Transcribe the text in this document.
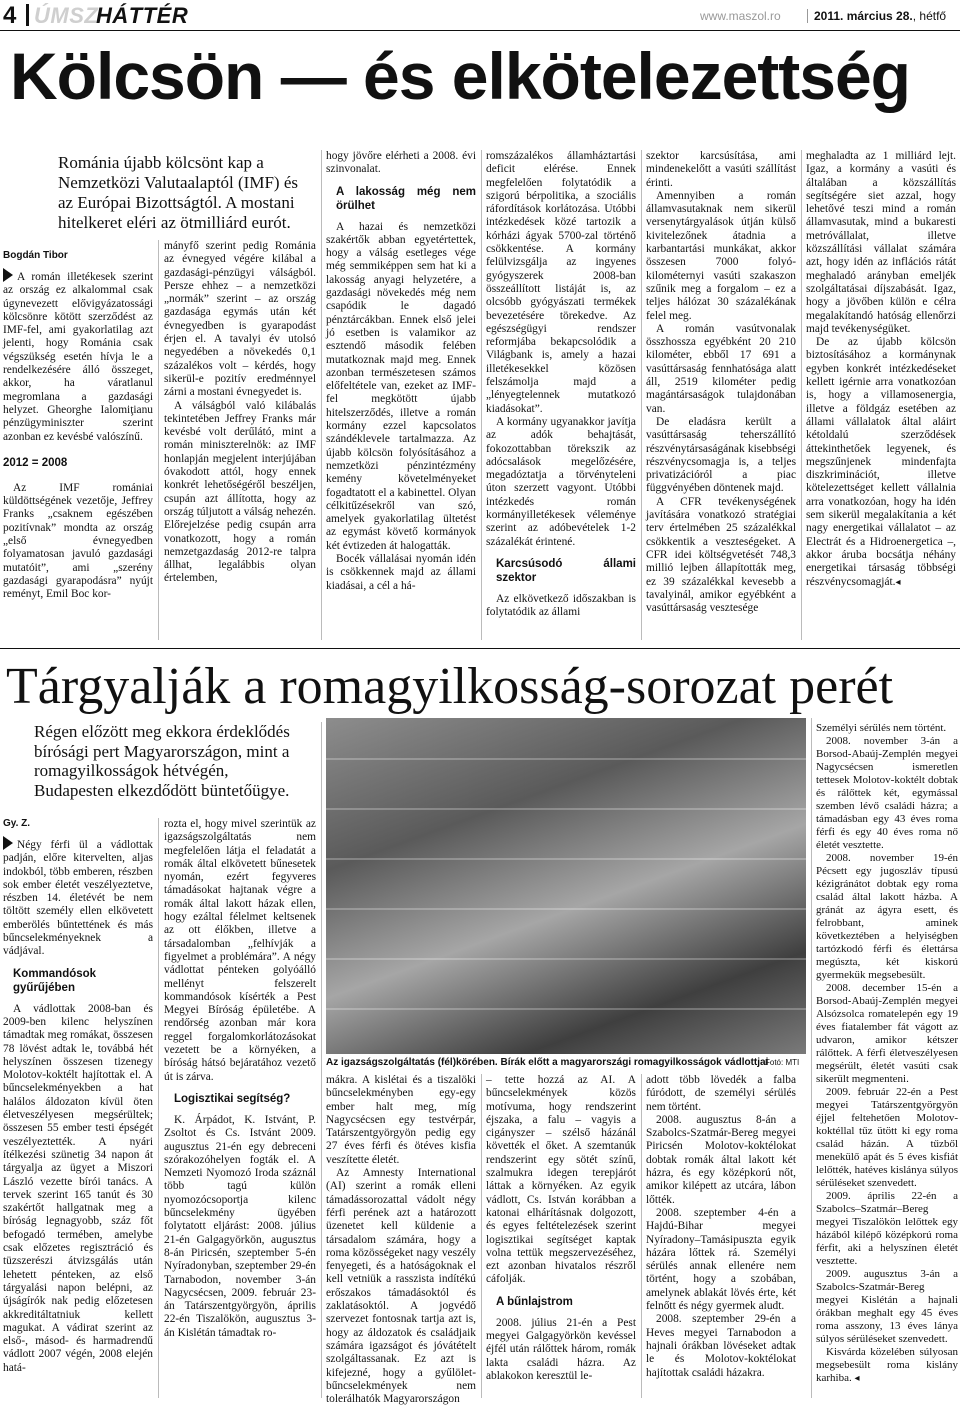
4 ÚMSZ
HÁTTÉR	www.maszol.ro	2011. március 28., hétfő
Kölcsön — és elkötelezettség
Románia újabb kölcsönt kap a Nemzetközi Valutaalaptól (IMF) és az Európai Bizottságtól. A mostani hitelkeret eléri az ötmilliárd eurót.
Bogdán Tibor

A román illetékesek szerint az ország ez alkalommal csak úgynevezett elővigyázatossági kölcsönre kötött szerződést az IMF-fel, ami gyakorlatilag azt jelenti, hogy Románia csak végszükség esetén hívja le a rendelkezésére álló összeget, akkor, ha váratlanul megromlana a gazdasági helyzet. Gheorghe Ialomiţianu pénzügyminiszter szerint azonban ez kevésbé valószínű.

2012 = 2008

Az IMF romániai küldöttségének vezetője, Jeffrey Franks „csaknem egészében pozitívnak” mondta az ország „első évnegyedben folyamatosan javuló gazdasági mutatóit”, ami „szerény gazdasági gyarapodásra” nyújt reményt, Emil Boc kor-

mányfő szerint pedig Románia az évnegyed végére kilábal a gazdasági-pénzügyi válságból. Persze ehhez – a nemzetközi „normák” szerint – az ország gazdasága egymás után két évnegyedben is gyarapodást érjen el. A tavalyi év utolsó negyedében a növekedés 0,1 százalékos volt – kérdés, hogy sikerül-e pozitív eredménnyel zárni a mostani évnegyedet is.

A válságból való kilábalás tekintetében Jeffrey Franks már kevésbé volt derűlátó, mint a román miniszterelnök: az IMF honlapján megjelent interjújában óvakodott attól, hogy ennek konkrét lehetőségéről beszéljen, csupán azt állította, hogy az ország túljutott a válság nehezén. Előrejelzése pedig csupán arra vonatkozott, hogy a román nemzetgazdaság 2012-re talpra állhat, legalábbis olyan értelemben,

hogy jövőre elérheti a 2008. évi szinvonalat.

A lakosság még nem örülhet

A hazai és nemzetközi szakértők abban egyetértettek, hogy a válság esetleges vége még semmiképpen sem hat ki a lakosság anyagi helyzetére, a gazdasági növekedés még nem csapódik le dagadó pénztárcákban. Ennek első jelei jó esetben is valamikor az esztendő második felében mutatkoznak majd meg. Ennek azonban természetesen számos előfeltétele van, ezeket az IMF-fel megkötött újabb hitelszerződés, illetve a román kormány ezzel kapcsolatos szándéklevele tartalmazza. Az újabb kölcsön folyósításához a nemzetközi pénzintézmény kemény követelményeket fogadtatott el a kabinettel. Olyan célkitűzésekről van szó, amelyek gyakorlatilag ültetést az egymást követő kormányok két évtizeden át halogatták.

Bocék vállalásai nyomán idén is csökkennek majd az állami kiadásai, a cél a há-

romszázalékos államháztartási deficit elérése. Ennek megfelelően folytatódik a szigorú bérpolitika, a szociális ráfordítások korlátozása. Utóbbi intézkedések közé tartozik a kórházi ágyak 5700-zal történő csökkentése. A kormány felülvizsgálja az ingyenes gyógyszerek 2008-ban összeállított listáját is, az olcsóbb gyógyászati termékek bevezetésére törekedve. Az egészségügyi rendszer reformjába bekapcsolódik a Világbank is, amely a hazai illetékesekkel közösen felszámolja majd a „lényegtelennek mutatkozó kiadásokat”.

A kormány ugyanakkor javítja az adók behajtását, fokozottabban törekszik az adócsalások megelőzésére, megadóztatja a törvényteleni úton szerzett vagyont. Utóbbi intézkedés román kormányilletékesek véleménye szerint az adóbevételek 1-2 százalékát érintené.

Karcsúsodó állami szektor

Az elkövetkező időszakban is folytatódik az állami

szektor karcsúsítása, ami mindenekelőtt a vasúti szállítást érinti.

Amennyiben a román államvasutaknak nem sikerül versenytárgyalások útján külső kivitelezőnek átadnia a karbantartási munkákat, akkor összesen 7000 folyó-kilométernyi vasúti szakaszon szűnik meg a forgalom – ez a teljes hálózat 30 százalékának felel meg.

A román vasútvonalak összhossza egyébként 20 210 kilométer, ebből 17 691 a vasúttársaság fennhatósága alatt áll, 2519 kilométer pedig magántársaságok tulajdonában van.

De eladásra került a vasúttársaság teherszállító részvénytársaságának kisebbségi részvénycsomagja is, a teljes privatizációról a piac függvényében döntenek majd.

A CFR tevékenységének javítására vonatkozó stratégiai terv értelmében 25 százalékkal csökkentik a veszteségeket. A CFR idei költségvetését 748,3 millió lejben állapították meg, ez 39 százalékkal kevesebb a tavalyinál, amikor egyébként a vasúttársaság vesztesége

meghaladta az 1 milliárd lejt. Igaz, a kormány a vasúti és általában a közszállítás segítségére siet azzal, hogy lehetővé teszi mind a román államvasutak, mind a bukaresti metróvállalat, illetve közszállítási vállalat számára azt, hogy idén az inflációs rátát meghaladó arányban emeljék szolgáltatásai díjszabását. Igaz, hogy a jövőben külön e célra megalakítandó hatóság ellenőrzi majd tevékenységüket.

De az újabb kölcsön biztosításához a kormánynak egyben konkrét intézkedéseket kellett igérnie arra vonatkozóan is, hogy a villamosenergia, illetve a földgáz esetében az állami vállalatok által aláirt kétoldalú szerződések áttekinthetőek legyenek, és megszűnjenek mindenfajta diszkriminációt, illetve kötelezettséget kellett vállalnia arra vonatkozóan, hogy ha idén sem sikerül megalakítania a két nagy energetikai vállalatot – az Electrát és a Hidroenergetica –, akkor áruba bocsátja néhány energetikai társaság többségi részvénycsomagját.◂

Tárgyalják a romagyilkosság-sorozat perét
Régen előzött meg ekkora érdeklődés bírósági pert Magyarországon, mint a romagyilkosságok hétvégén, Budapesten elkezdődött büntetőügye.
Gy. Z.

Négy férfi ül a vádlottak padján, előre kitervelten, aljas indokból, több emberen, részben sok ember életét veszélyeztetve, részben 14. életévét be nem töltött személy ellen elkövetett emberölés bűntettének és más bűncselekményeknek a vádjával.

Kommandósok gyűrűjében

A vádlottak 2008-ban és 2009-ben kilenc helyszínen támadtak meg romákat, összesen 78 lövést adtak le, továbbá hét helyszínen összesen tizenegy Molotov-koktélt hajítottak el. A bűncselekményekben a hat halálos áldozaton kívül öten életveszélyesen megsérültek; összesen 55 ember testi épségét veszélyeztették. A nyári ítélkezési szünetig 34 napon át tárgyalja az ügyet a Miszori László vezette bírói tanács. A tervek szerint 165 tanút és 30 szakértőt hallgatnak meg a bíróság legnagyobb, száz főt befogadó termében, amelybe csak előzetes regisztráció és tüzszerészi átvizsgálás után lehetett pénteken, az első tárgyalási napon belépni, az újságírók nak pedig előzetesen akkreditáltatniuk kellett magukat. A vádirat szerint az első-, másod- és harmadrendű vádlott 2007 végén, 2008 elején hatá-

rozta el, hogy mivel szerintük az igazságszolgáltatás nem megfelelően látja el feladatát a romák által elkövetett bűnesetek nyomán, ezért fegyveres támadásokat hajtanak végre a romák által lakott házak ellen, hogy ezáltal félelmet keltsenek az ott élőkben, illetve a társadalomban „felhívják a figyelmet a problémára”. A négy vádlottat pénteken golyóálló mellényt felszerelt kommandósok kísérték a Pest Megyei Bíróság épületébe. A rendőrség azonban már kora reggel forgalomkorlátozásokat vezetett be a környéken, a bíróság hátsó bejáratához vezető út is zárva.

Logisztikai segítség?

K. Árpádot, K. Istvánt, P. Zsoltot és Cs. Istvánt 2009. augusztus 21-én egy debreceni szórakozóhelyen fogták el. A Nemzeti Nyomozó Iroda száznál több tagú külön nyomozócsoportja kilenc bűncselekmény ügyében folytatott eljárást: 2008. július 21-én Galgagyörkön, augusztus 8-án Piricsén, szeptember 5-én Nyíradonyban, szeptember 29-én Tarnabodon, november 3-án Nagycsécsen, 2009. február 23-án Tatárszentgyörgyön, április 22-én Tiszalökön, augusztus 3-án Kislétán támadtak ro-

Az igazságszolgáltatás (fél)körében. Bírák előtt a magyarországi romagyilkosságok vádlottjai
Fotó: MTI

mákra. A kislétai és a tiszalöki bűncselekményben egy-egy ember halt meg, míg Nagycsécsen egy testvérpár, Tatárszentgyörgyön pedig egy 27 éves férfi és ötéves kisfia veszítette életét.

Az Amnesty International (AI) szerint a romák elleni támadássorozattal vádolt négy férfi perének azt a határozott üzenetet kell küldenie a társadalom számára, hogy a roma közösségeket nagy veszély fenyegeti, és a hatóságoknak el kell vetniük a rasszista indítékú erőszakos támadásoktól és zaklatásoktól. A jogvédő szervezet fontosnak tartja azt is, hogy az áldozatok és családjaik számára igazságot és jóvátételt szolgáltassanak. Ez azt is kifejezné, hogy a gyűlölet-bűncselekmények nem tolerálhatók Magyarországon

– tette hozzá az AI. A bűncselekmények közös motívuma, hogy rendszerint éjszaka, a falu – vagyis a cigányszer – szélső házánál követték el őket. A szemtanúk rendszerint egy sötét színű, szalmukra idegen terepjárót láttak a környéken. Az egyik vádlott, Cs. István korábban a katonai elhárításnak dolgozott, és egyes feltételezések szerint logisztikai segítséget kaptak volna tettük megszervezéséhez, ezt azonban hivatalos részről cáfolják.

A bűnlajstrom

2008. július 21-én a Pest megyei Galgagyörkön kevéssel éjfél után rálőttek három, romák lakta családi házra. Az ablakokon keresztül le-

adott több lövedék a falba fúródott, de személyi sérülés nem történt.

2008. augusztus 8-án a Szabolcs-Szatmár-Bereg megyei Piricsén Molotov-koktélokat dobtak romák által lakott két házra, és egy középkorú nőt, amikor kilépett az utcára, lábon lőtték.

2008. szeptember 4-én a Hajdú-Bihar megyei Nyíradony–Tamásipuszta egyik házára lőttek rá. Személyi sérülés annak ellenére nem történt, hogy a szobában, amelynek ablakát lövés érte, két felnőtt és négy gyermek aludt.

2008. szeptember 29-én a Heves megyei Tarnabodon a hajnali órákban lövéseket adtak le és Molotov-koktélokat hajítottak családi házakra.

Személyi sérülés nem történt.

2008. november 3-án a Borsod-Abaúj-Zemplén megyei Nagycsécsen ismeretlen tettesek Molotov-koktélt dobtak és rálőttek két, egymással szemben lévő családi házra; a támadásban egy 43 éves roma férfi és egy 40 éves roma nő életét vesztette.

2008. november 19-én Pécsett egy jugoszláv típusú kézigránátot dobtak egy roma család által lakott házba. A gránát az ágyra esett, és felrobbant, aminek következtében a helyiségben tartózkodó férfi és élettársa megúszta, két kiskorú gyermekük megsebesült.

2008. december 15-én a Borsod-Abaúj-Zemplén megyei Alsózsolca romatelepén egy 19 éves fiatalember fát vágott az udvaron, amikor kétszer rálőttek. A férfi életveszélyesen megsérült, életét vasúti csak sikerült megmenteni.

2009. február 22-én a Pest megyei Tatárszentgyörgyön éjjel feltehetően Molotov-koktéllal tűz ütött ki egy roma család házán. A tűzből menekülő apát és 5 éves kisfiát lelőtték, hatéves kislánya súlyos sérüléseket szenvedett.

2009. április 22-én a Szabolcs–Szatmár–Bereg megyei Tiszalökön lelőttek egy házából kilépő középkorú roma férfit, aki a helyszínen életét vesztette.

2009. augusztus 3-án a Szabolcs-Szatmár-Bereg megyei Kislétán a hajnali órákban meghalt egy 45 éves roma asszony, 13 éves lánya súlyos sérüléseket szenvedett.

Kisvárda közelében súlyosan megsebesült roma kislány karhiba. ◂
